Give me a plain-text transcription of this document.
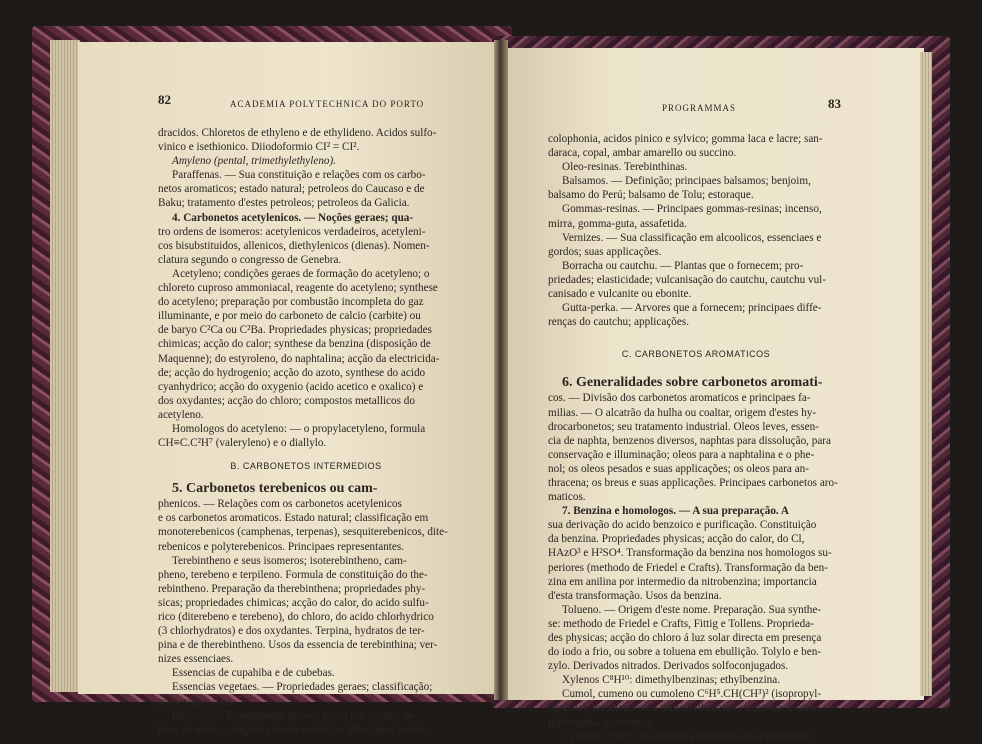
82	ACADEMIA POLYTECHNICA DO PORTO	PROGRAMMAS	83

dracidos. Chloretos de ethyleno e de ethylideno. Acidos sulfo-

vinico e isethionico. Diiodoformio CI² = CI².

Amyleno (pental, trimethylethyleno).

Paraffenas. — Sua constituição e relações com os carbo-

netos aromaticos; estado natural; petroleos do Caucaso e de

Baku; tratamento d'estes petroleos; petroleos da Galicia.

4. Carbonetos acetylenicos. — Noções geraes; qua-

tro ordens de isomeros: acetylenicos verdadeiros, acetyleni-

cos bisubstituidos, allenicos, diethylenicos (dienas). Nomen-

clatura segundo o congresso de Genebra.

Acetyleno; condições geraes de formação do acetyleno; o

chloreto cuproso ammoniacal, reagente do acetyleno; synthese

do acetyleno; preparação por combustão incompleta do gaz

illuminante, e por meio do carboneto de calcio (carbite) ou

de baryo C²Ca ou C²Ba. Propriedades physicas; propriedades

chimicas; acção do calor; synthese da benzina (disposição de

Maquenne); do estyroleno, do naphtalina; acção da electricida-

de; acção do hydrogenio; acção do azoto, synthese do acido

cyanhydrico; acção do oxygenio (acido acetico e oxalico) e

dos oxydantes; acção do chloro; compostos metallicos do

acetyleno.

Homologos do acetyleno: — o propylacetyleno, formula

CH≡C.C²H⁷ (valeryleno) e o diallylo.

B. CARBONETOS INTERMEDIOS

5. Carbonetos terebenicos ou cam-

phenicos. — Relações com os carbonetos acetylenicos

e os carbonetos aromaticos. Estado natural; classificação em

monoterebenicos (camphenas, terpenas), sesquiterebenicos, dite-

rebenicos e polyterebenicos. Principaes representantes.

Terebintheno e seus isomeros; isoterebintheno, cam-

pheno, terebeno e terpileno. Formula de constituição do the-

rebintheno. Preparação da therebinthena; propriedades phy-

sicas; propriedades chimicas; acção do calor, do acido sulfu-

rico (diterebeno e terebeno), do chloro, do acido chlorhydrico

(3 chlorhydratos) e dos oxydantes. Terpina, hydratos de ter-

pina e de therebintheno. Usos da essencia de terebinthina; ver-

nizes essenciaes.

Essencias de cupahiba e de cubebas.

Essencias vegetaes. — Propriedades geraes; classificação;

preparação; usos.

Resinas. — Propriedades geraes; acção dos alcalis; sa-

bões de resina; relações com as essencias. Principaes resinas;

colophonia, acidos pinico e sylvico; gomma laca e lacre; san-

daraca, copal, ambar amarello ou succino.

Oleo-resinas. Terebinthinas.

Balsamos. — Definição; principaes balsamos; benjoim,

balsamo do Perú; balsamo de Tolu; estoraque.

Gommas-resinas. — Principaes gommas-resinas; incenso,

mirra, gomma-guta, assafetida.

Vernizes. — Sua classificação em alcoolicos, essenciaes e

gordos; suas applicações.

Borracha ou cautchu. — Plantas que o fornecem; pro-

priedades; elasticidade; vulcanisação do cautchu, cautchu vul-

canisado e vulcanite ou ebonite.

Gutta-perka. — Arvores que a fornecem; principaes diffe-

renças do cautchu; applicações.

C. CARBONETOS AROMATICOS

6. Generalidades sobre carbonetos aromati-

cos. — Divisão dos carbonetos aromaticos e principaes fa-

milias. — O alcatrão da hulha ou coaltar, origem d'estes hy-

drocarbonetos; seu tratamento industrial. Oleos leves, essen-

cia de naphta, benzenos diversos, naphtas para dissolução, para

conservação e illuminação; oleos para a naphtalina e o phe-

nol; os oleos pesados e suas applicações; os oleos para an-

thracena; os breus e suas applicações. Principaes carbonetos aro-

maticos.

7. Benzina e homologos. — A sua preparação. A

sua derivação do acido benzoico e purificação. Constituição

da benzina. Propriedades physicas; acção do calor, do Cl,

HAzO³ e H²SO⁴. Transformação da benzina nos homologos su-

periores (methodo de Friedel e Crafts). Transformação da ben-

zina em anilina por intermedio da nitrobenzina; importancia

d'esta transformação. Usos da benzina.

Tolueno. — Origem d'este nome. Preparação. Sua synthe-

se: methodo de Friedel e Crafts, Fittig e Tollens. Proprieda-

des physicas; acção do chloro á luz solar directa em presença

do iodo a frio, ou sobre a toluena em ebullição. Tolylo e ben-

zylo. Derivados nitrados. Derivados solfoconjugados.

Xylenos C⁸H¹⁰: dimethylbenzinas; ethylbenzina.

Cumol, cumeno ou cumoleno C⁶H⁵.CH(CH³)² (isopropyl-

benzina); mesetyleno ou trimethylbenzina symetrica, e trime-

thylbenzina asymetrica.

Cymeno C¹⁰H¹⁴ da camphora (methylisopropylbenzina);
